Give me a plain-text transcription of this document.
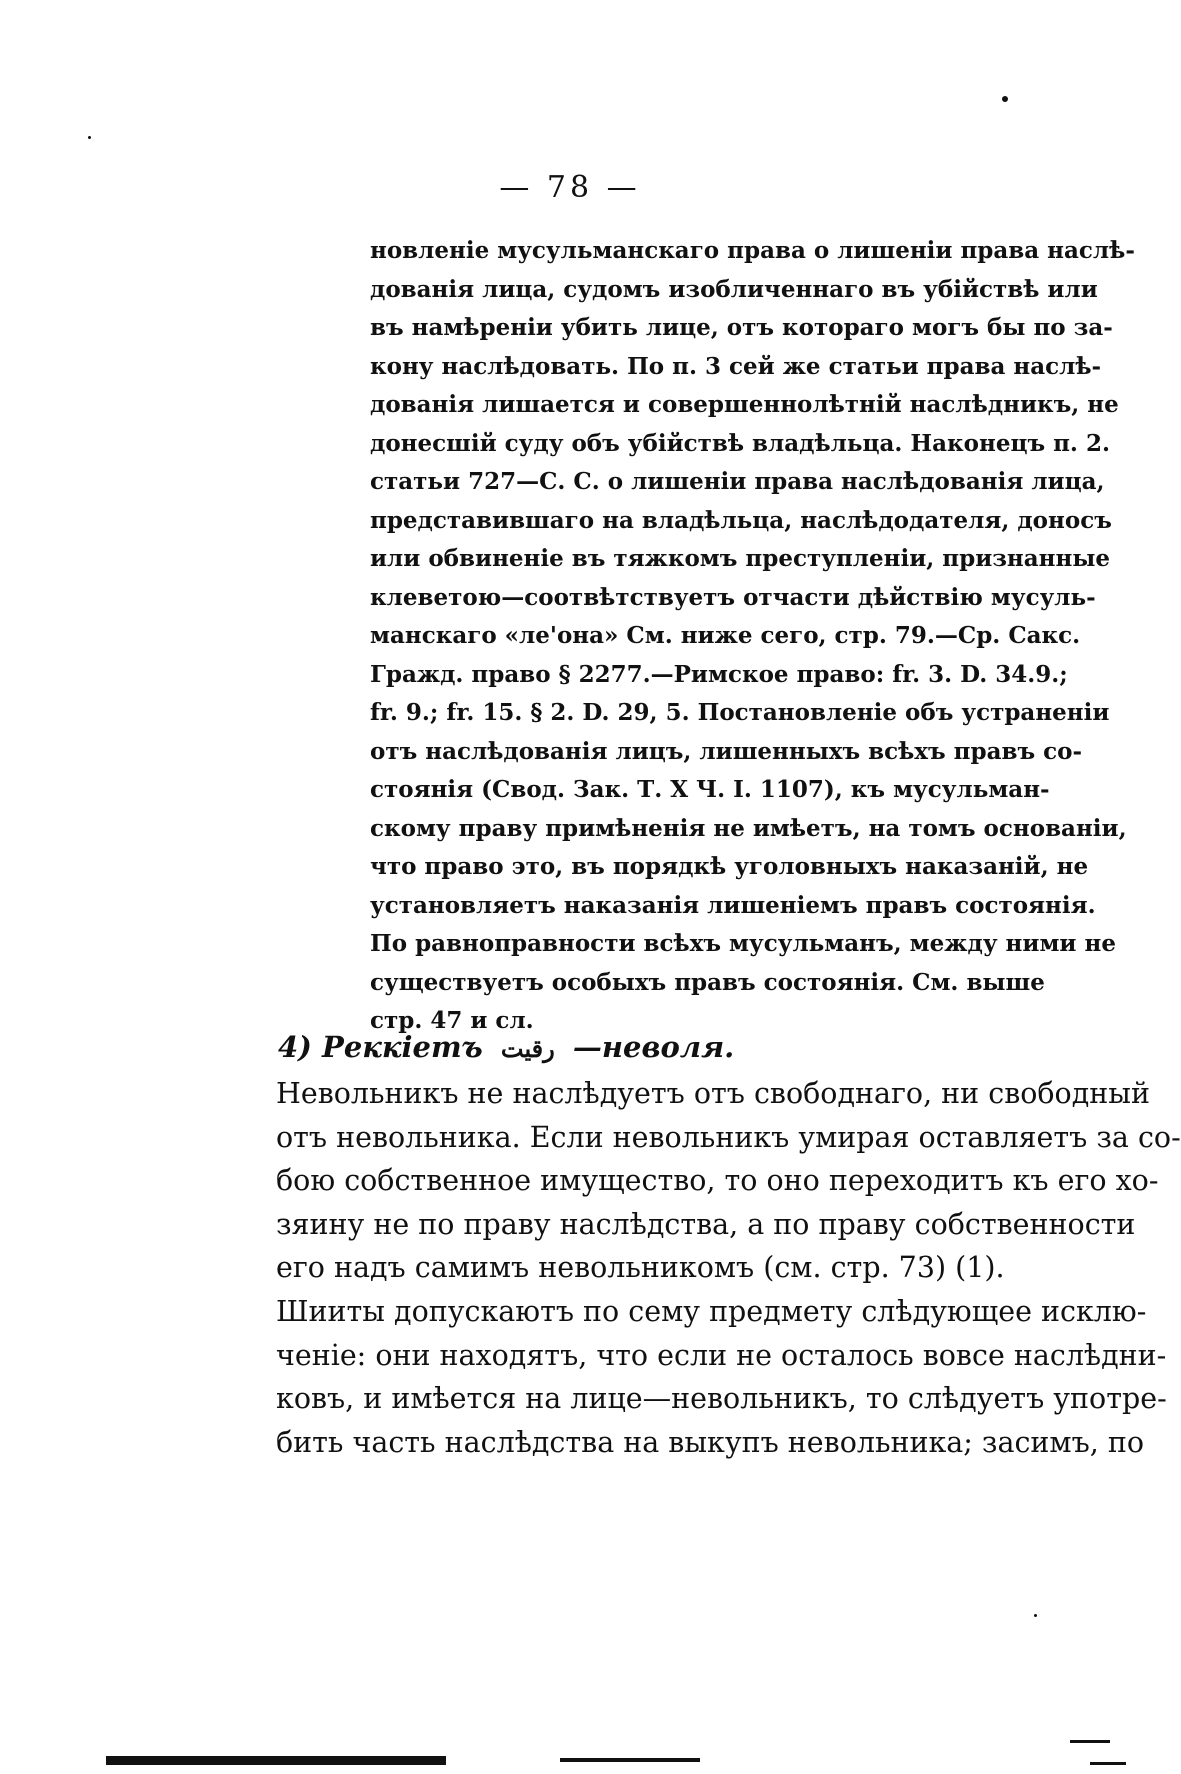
— 78 —
новленіе мусульманскаго права о лишеніи права наслѣ-
дованія лица, судомъ изобличеннаго въ убійствѣ или
въ намѣреніи убить лице, отъ котораго могъ бы по за-
кону наслѣдовать. По п. 3 сей же статьи права наслѣ-
дованія лишается и совершеннолѣтній наслѣдникъ, не
донесшій суду объ убійствѣ владѣльца. Наконецъ п. 2.
статьи 727—С. С. о лишеніи права наслѣдованія лица,
представившаго на владѣльца, наслѣдодателя, доносъ
или обвиненіе въ тяжкомъ преступленіи, признанные
клеветою—соотвѣтствуетъ отчасти дѣйствію мусуль-
манскаго «ле'она» См. ниже сего, стр. 79.—Ср. Сакс.
Гражд. право § 2277.—Римское право: fr. 3. D. 34.9.;
fr. 9.; fr. 15. § 2. D. 29, 5. Постановленіе объ устраненіи
отъ наслѣдованія лицъ, лишенныхъ всѣхъ правъ со-
стоянія (Свод. Зак. Т. X Ч. I. 1107), къ мусульман-
скому праву примѣненія не имѣетъ, на томъ основаніи,
что право это, въ порядкѣ уголовныхъ наказаній, не
установляетъ наказанія лишеніемъ правъ состоянія.
По равноправности всѣхъ мусульманъ, между ними не
существуетъ особыхъ правъ состоянія. См. выше
стр. 47 и сл.
4) Реккіетъ رقيت —неволя.
Невольникъ не наслѣдуетъ отъ свободнаго, ни свободный
отъ невольника. Если невольникъ умирая оставляетъ за со-
бою собственное имущество, то оно переходитъ къ его хо-
зяину не по праву наслѣдства, а по праву собственности
его надъ самимъ невольникомъ (см. стр. 73) (1).
Шииты допускаютъ по сему предмету слѣдующее исклю-
ченіе: они находятъ, что если не осталось вовсе наслѣдни-
ковъ, и имѣется на лице—невольникъ, то слѣдуетъ употре-
бить часть наслѣдства на выкупъ невольника; засимъ, по
